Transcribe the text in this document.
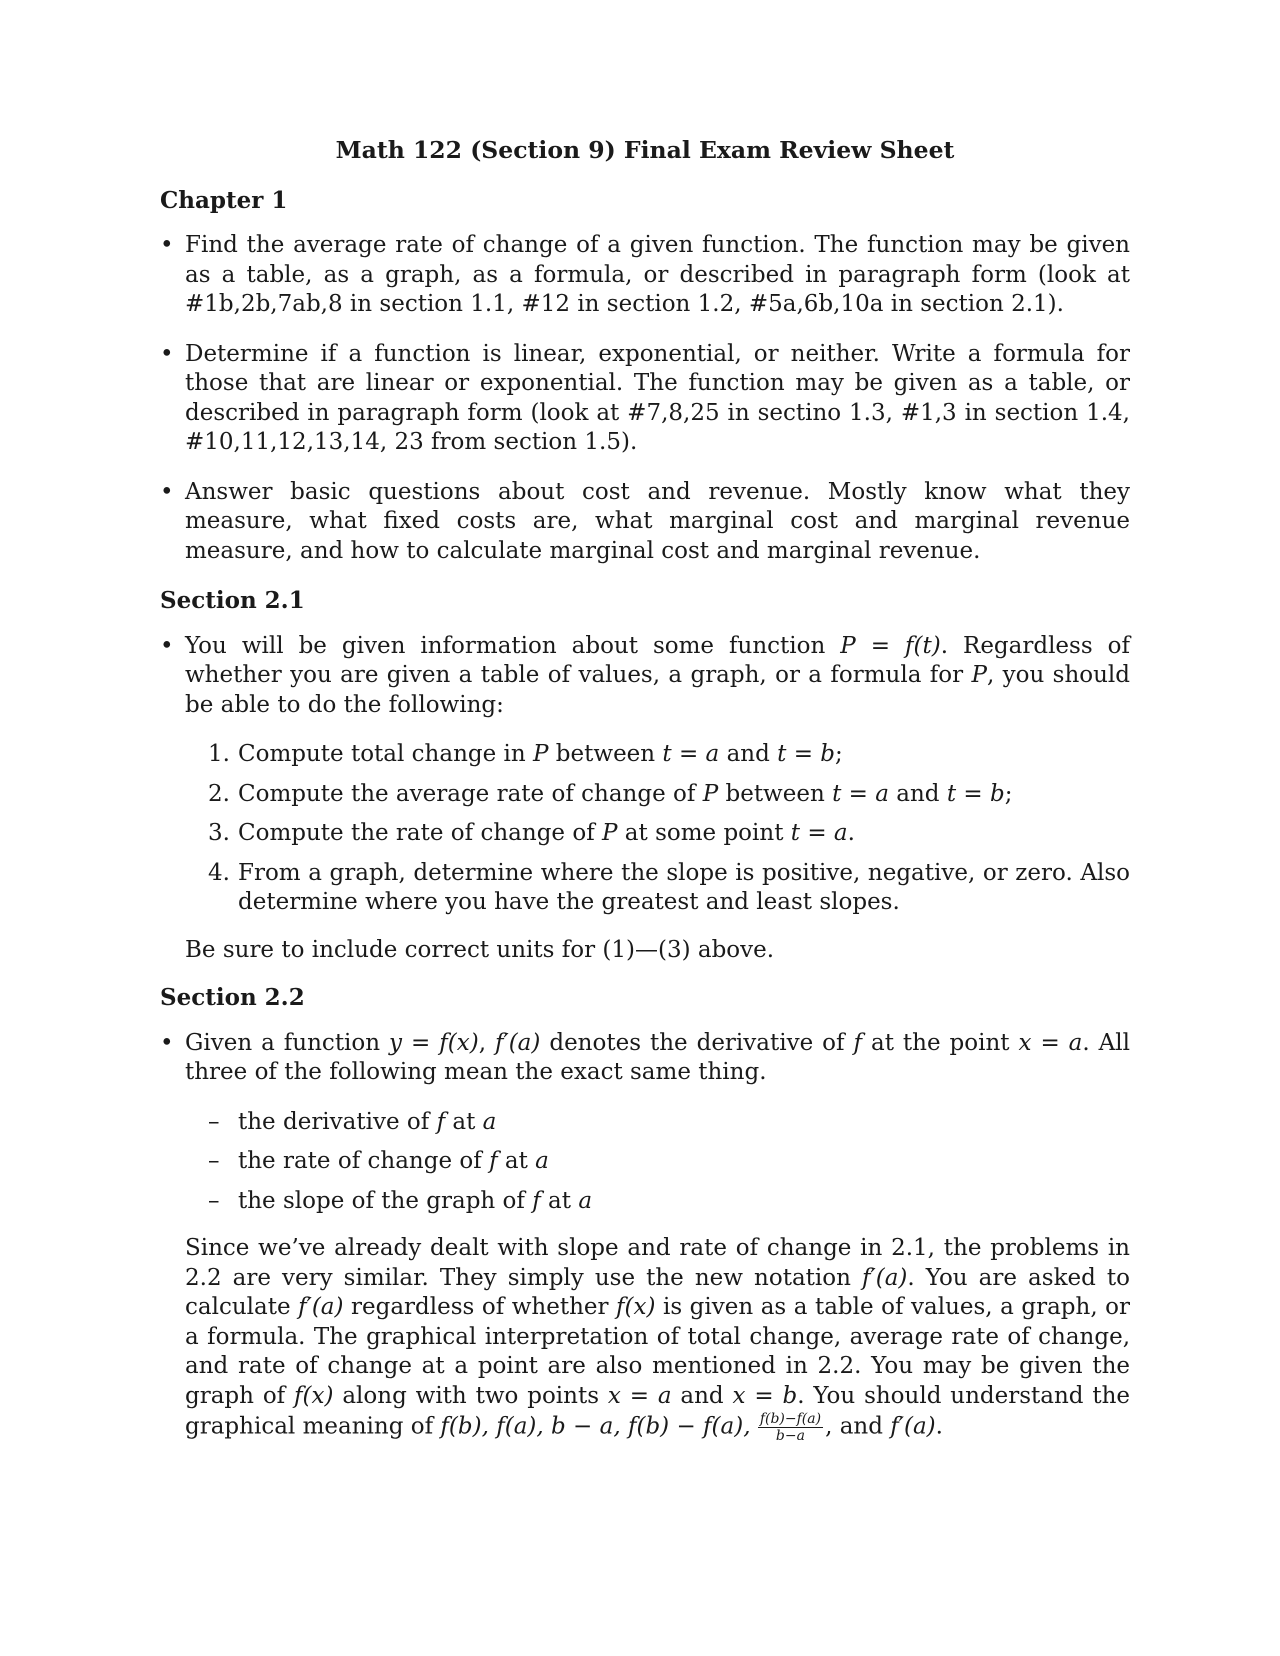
Math 122 (Section 9) Final Exam Review Sheet
Chapter 1
• Find the average rate of change of a given function. The function may be given as a table, as a graph, as a formula, or described in paragraph form (look at #1b,2b,7ab,8 in section 1.1, #12 in section 1.2, #5a,6b,10a in section 2.1).
• Determine if a function is linear, exponential, or neither. Write a formula for those that are linear or exponential. The function may be given as a table, or described in paragraph form (look at #7,8,25 in sectino 1.3, #1,3 in section 1.4, #10,11,12,13,14, 23 from section 1.5).
• Answer basic questions about cost and revenue. Mostly know what they measure, what fixed costs are, what marginal cost and marginal revenue measure, and how to calculate marginal cost and marginal revenue.
Section 2.1
• You will be given information about some function P = f(t). Regardless of whether you are given a table of values, a graph, or a formula for P, you should be able to do the following:
1. Compute total change in P between t = a and t = b;
2. Compute the average rate of change of P between t = a and t = b;
3. Compute the rate of change of P at some point t = a.
4. From a graph, determine where the slope is positive, negative, or zero. Also determine where you have the greatest and least slopes.
Be sure to include correct units for (1)—(3) above.
Section 2.2
• Given a function y = f(x), f′(a) denotes the derivative of f at the point x = a. All three of the following mean the exact same thing.
– the derivative of f at a
– the rate of change of f at a
– the slope of the graph of f at a
Since we’ve already dealt with slope and rate of change in 2.1, the problems in 2.2 are very similar. They simply use the new notation f′(a). You are asked to calculate f′(a) regardless of whether f(x) is given as a table of values, a graph, or a formula. The graphical interpretation of total change, average rate of change, and rate of change at a point are also mentioned in 2.2. You may be given the graph of f(x) along with two points x = a and x = b. You should understand the graphical meaning of f(b), f(a), b − a, f(b) − f(a), $\frac{f(b)-f(a)}{b-a}$ , and f′(a).
